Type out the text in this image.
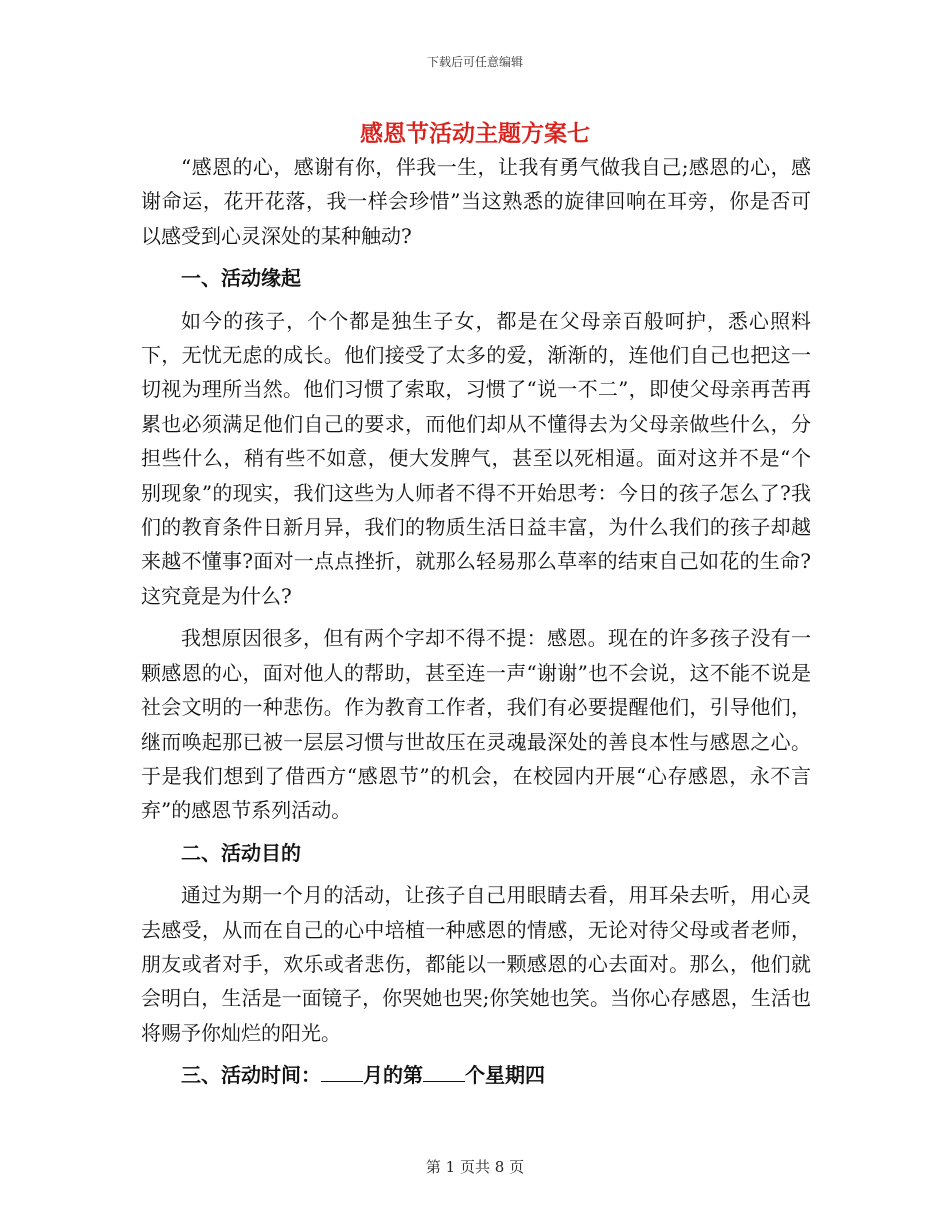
下载后可任意编辑
感恩节活动主题方案七

“感恩的心，感谢有你，伴我一生，让我有勇气做我自己;感恩的心，感谢命运，花开花落，我一样会珍惜”当这熟悉的旋律回响在耳旁，你是否可以感受到心灵深处的某种触动?

一、活动缘起

如今的孩子，个个都是独生子女，都是在父母亲百般呵护，悉心照料下，无忧无虑的成长。他们接受了太多的爱，渐渐的，连他们自己也把这一切视为理所当然。他们习惯了索取，习惯了“说一不二”，即使父母亲再苦再累也必须满足他们自己的要求，而他们却从不懂得去为父母亲做些什么，分担些什么，稍有些不如意，便大发脾气，甚至以死相逼。面对这并不是“个别现象”的现实，我们这些为人师者不得不开始思考：今日的孩子怎么了?我们的教育条件日新月异，我们的物质生活日益丰富，为什么我们的孩子却越来越不懂事?面对一点点挫折，就那么轻易那么草率的结束自己如花的生命?这究竟是为什么?

我想原因很多，但有两个字却不得不提：感恩。现在的许多孩子没有一颗感恩的心，面对他人的帮助，甚至连一声“谢谢”也不会说，这不能不说是社会文明的一种悲伤。作为教育工作者，我们有必要提醒他们，引导他们，继而唤起那已被一层层习惯与世故压在灵魂最深处的善良本性与感恩之心。于是我们想到了借西方“感恩节”的机会，在校园内开展“心存感恩，永不言弃”的感恩节系列活动。

二、活动目的

通过为期一个月的活动，让孩子自己用眼睛去看，用耳朵去听，用心灵去感受，从而在自己的心中培植一种感恩的情感，无论对待父母或者老师，朋友或者对手，欢乐或者悲伤，都能以一颗感恩的心去面对。那么，他们就会明白，生活是一面镜子，你哭她也哭;你笑她也笑。当你心存感恩，生活也将赐予你灿烂的阳光。

三、活动时间： 月的第 个星期四
第 1 页共 8 页
